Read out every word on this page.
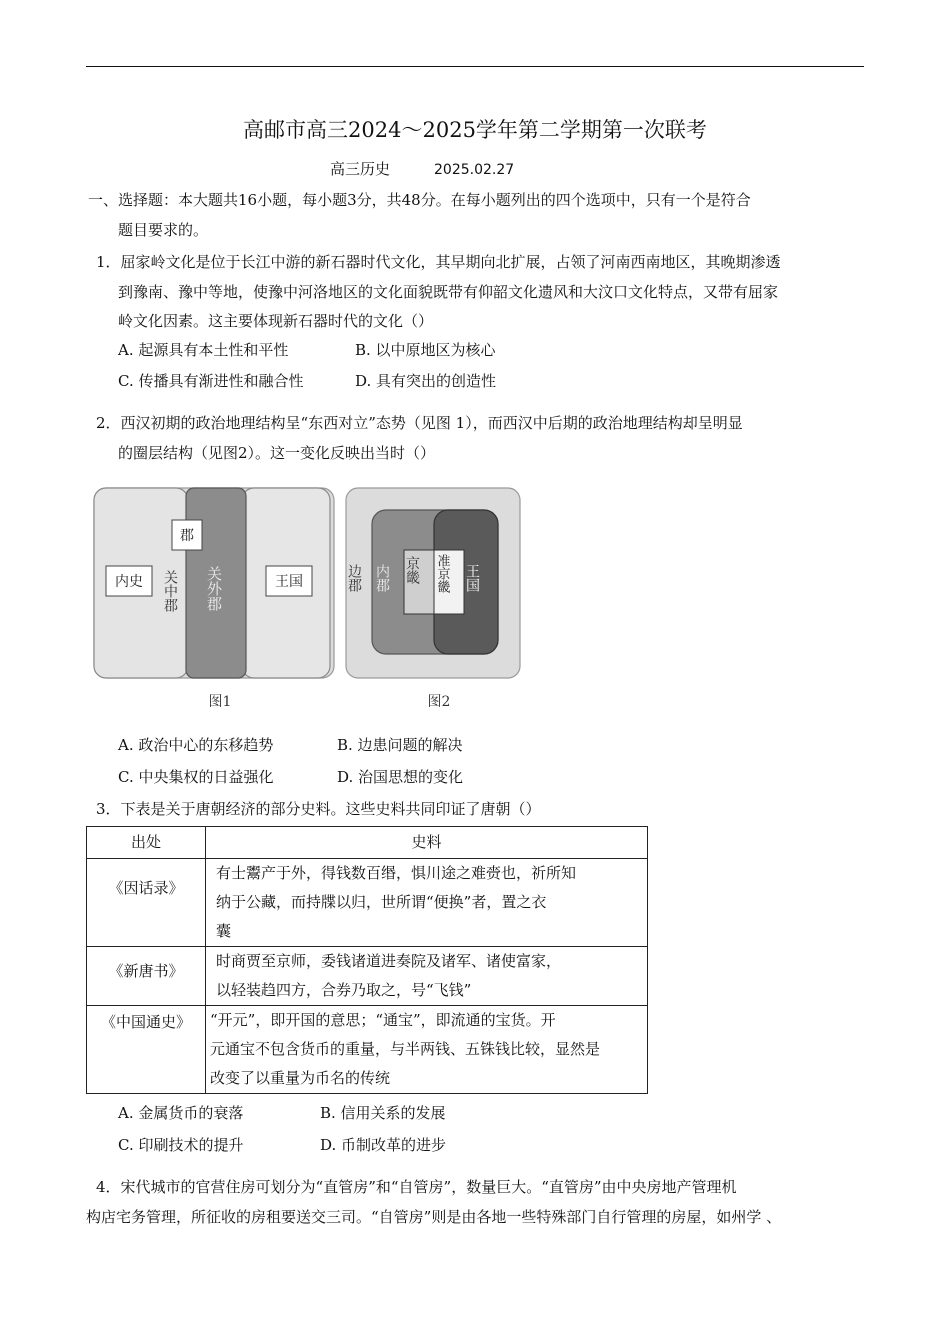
高邮市高三2024～2025学年第二学期第一次联考
高三历史	2025.02.27
一、选择题：本大题共16小题，每小题3分，共48分。在每小题列出的四个选项中，只有一个是符合
题目要求的。
1．屈家岭文化是位于长江中游的新石器时代文化，其早期向北扩展，占领了河南西南地区，其晚期渗透
到豫南、豫中等地，使豫中河洛地区的文化面貌既带有仰韶文化遗风和大汶口文化特点，又带有屈家
岭文化因素。这主要体现新石器时代的文化（）
A. 起源具有本土性和平性	B. 以中原地区为核心
C. 传播具有渐进性和融合性	D. 具有突出的创造性
2．西汉初期的政治地理结构呈“东西对立”态势（见图 1），而西汉中后期的政治地理结构却呈明显
的圈层结构（见图2）。这一变化反映出当时（）
郡
内史 关中郡 关外郡	王国
图1
边郡 内郡 京畿 准京畿 王国
图2
A. 政治中心的东移趋势	B. 边患问题的解决
C. 中央集权的日益强化	D. 治国思想的变化
3．下表是关于唐朝经济的部分史料。这些史料共同印证了唐朝（）
出处	史料
《因话录》	有士鬻产于外，得钱数百缗，惧川途之难赍也，祈所知
纳于公藏，而持牒以归，世所谓“便换”者，置之衣
囊

《新唐书》	时商贾至京师，委钱诸道进奏院及诸军、诸使富家，
以轻装趋四方，合券乃取之，号“飞钱”

《中国通史》	“开元”，即开国的意思；“通宝”，即流通的宝货。开
元通宝不包含货币的重量，与半两钱、五铢钱比较，显然是
改变了以重量为币名的传统
A. 金属货币的衰落	B. 信用关系的发展
C. 印刷技术的提升	D. 币制改革的进步
4．宋代城市的官营住房可划分为“直管房”和“自管房”，数量巨大。“直管房”由中央房地产管理机
构店宅务管理，所征收的房租要送交三司。“自管房”则是由各地一些特殊部门自行管理的房屋，如州学 、
